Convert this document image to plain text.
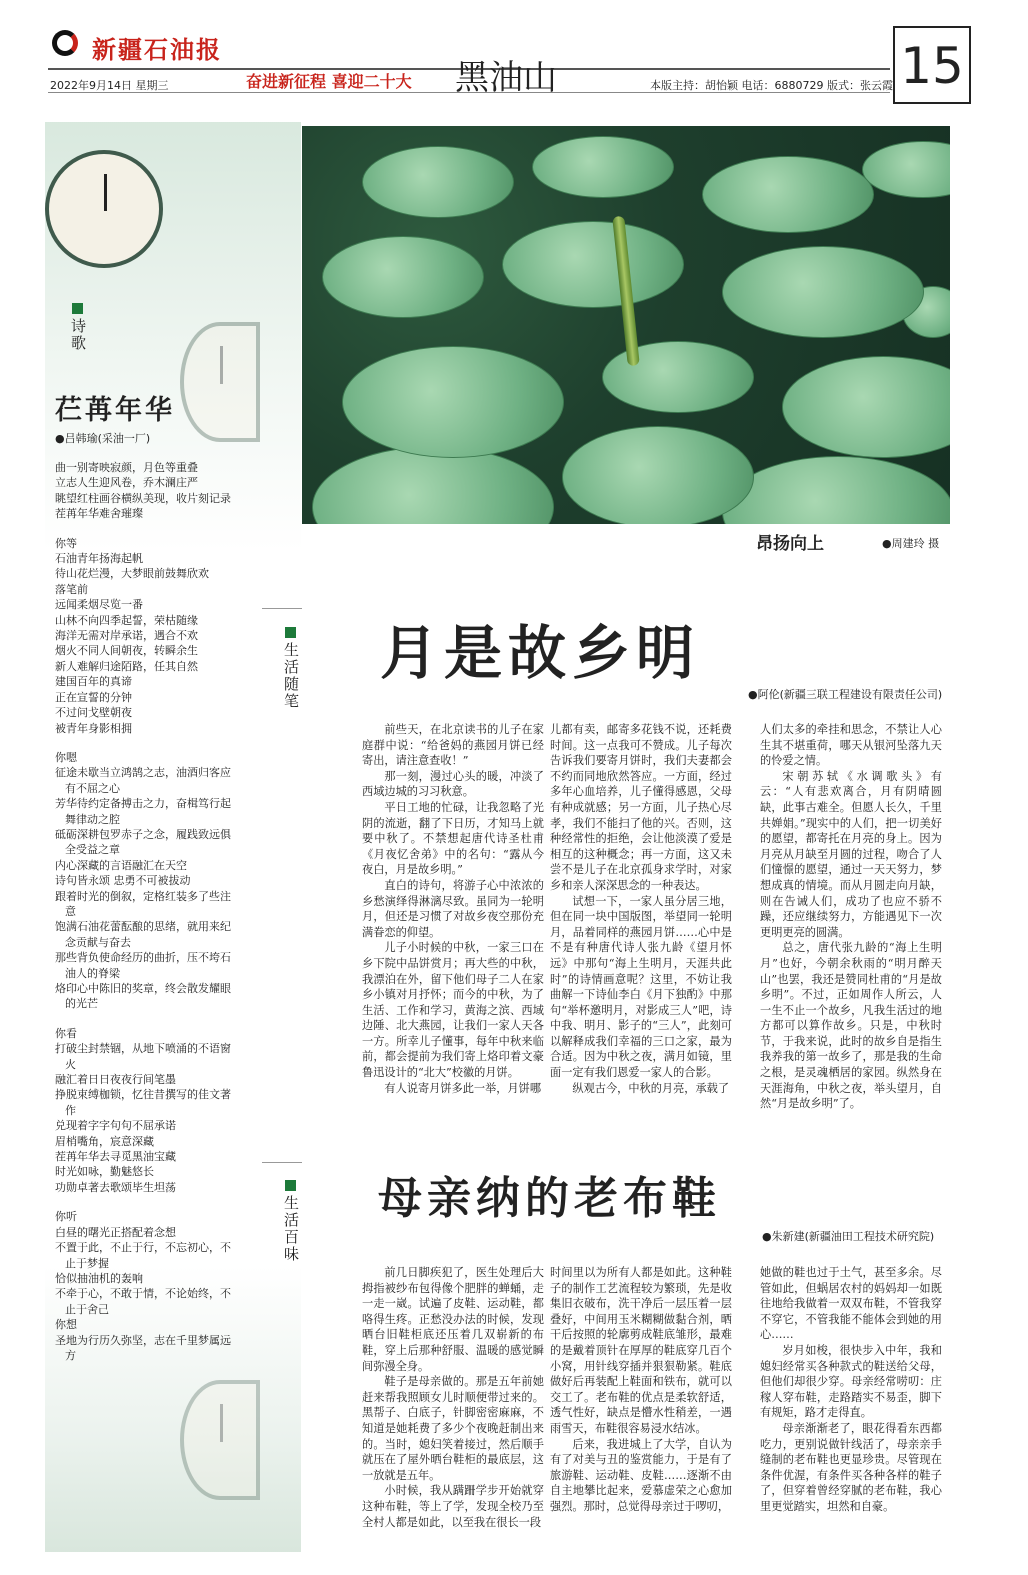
新疆石油报
2022年9月14日 星期三	奋进新征程 喜迎二十大 黑油山	本版主持：胡怡颖 电话：6880729 版式：张云霞 15
诗歌
芢苒年华
●吕韩瑜(采油一厂)
曲一别寄映寂颜，月色等重叠
立志人生迎风卷，乔木澜庄严
眺望红柱画谷横纵美现，收片刻记录
茬苒年华难舍璀璨
你等
石油青年扬海起帆
待山花烂漫，大梦眼前鼓舞欣欢
落笔前
远闻柔烟尽览一番
山林不向四季起誓，荣枯随缘
海洋无需对岸承诺，遇合不欢
烟火不同人间朝夜，转瞬余生
新人难解归途陌路，任其自然
建国百年的真谛
正在宣誓的分钟
不过问戈壁朝夜
被青年身影相拥
你嗯
征途未歇当立鸿鹄之志，油酒归客应有不屈之心
芳华待约定备搏击之力，奋楫笃行起舞律动之腔
砥砺深耕包罗赤子之念，履践致远俱全受益之章
内心深藏的言语融汇在天空
诗句皆永颂 忠勇不可被拔动
跟着时光的倒叙，定格红装多了些注意
饱满石油花蕾酝酿的思绪，就用来纪念贡献与奋去
那些背负使命经历的曲折，压不垮石油人的脊梁
烙印心中陈旧的奖章，终会散发耀眼的光芒
你看
打破尘封禁锢，从地下喷涌的不语窗火
融汇着日日夜夜行间笔墨
挣脱束缚枷锁，忆往昔撰写的佳文著作
兑现着字字句句不屈承诺
眉梢嘴角，宸意深藏
茬苒年华去寻觅黑油宝藏
时光如咏，勤魅悠长
功勋卓著去歌颂毕生坦荡
你听
白昼的曙光正搭配着念想
不置于此，不止于行，不忘初心，不止于梦握
恰似抽油机的轰响
不牵于心，不敢于情，不论始终，不止于舍己
你想
圣地为行历久弥坚，志在千里梦属远方
昂扬向上	●周建玲 摄
生活随笔 月是故乡明
●阿伦(新疆三联工程建设有限责任公司)

前些天，在北京读书的儿子在家庭群中说：“给爸妈的燕园月饼已经寄出，请注意查收！”

那一刻，漫过心头的暖，冲淡了西域边城的习习秋意。

平日工地的忙碌，让我忽略了光阴的流逝，翻了下日历，才知马上就要中秋了。不禁想起唐代诗圣杜甫《月夜忆舍弟》中的名句：“露从今夜白，月是故乡明。”

直白的诗句，将游子心中浓浓的乡愁演绎得淋漓尽致。虽同为一轮明月，但还是习惯了对故乡夜空那份充满眷恋的仰望。

儿子小时候的中秋，一家三口在乡下院中品饼赏月；再大些的中秋，我漂泊在外，留下他们母子二人在家乡小镇对月抒怀；而今的中秋，为了生活、工作和学习，黄海之滨、西域边陲、北大燕园，让我们一家人天各一方。所幸儿子懂事，每年中秋来临前，都会提前为我们寄上烙印着文豪鲁迅设计的“北大”校徽的月饼。

有人说寄月饼多此一举，月饼哪

儿都有卖，邮寄多花钱不说，还耗费时间。这一点我可不赞成。儿子每次告诉我们要寄月饼时，我们夫妻都会不约而同地欣然答应。一方面，经过多年心血培养，儿子懂得感恩，父母有种成就感；另一方面，儿子热心尽孝，我们不能扫了他的兴。否则，这种经常性的拒绝，会让他淡漠了爱是相互的这种概念；再一方面，这又未尝不是儿子在北京孤身求学时，对家乡和亲人深深思念的一种表达。

试想一下，一家人虽分居三地，但在同一块中国版图，举望同一轮明月，品着同样的燕园月饼……心中是不是有种唐代诗人张九龄《望月怀远》中那句“海上生明月，天涯共此时”的诗情画意呢？这里，不妨让我曲解一下诗仙李白《月下独酌》中那句“举杯邀明月，对影成三人”吧，诗中我、明月、影子的“三人”，此刻可以解释成我们幸福的三口之家，最为合适。因为中秋之夜，满月如镜，里面一定有我们恩爱一家人的合影。

纵观古今，中秋的月亮，承载了

人们太多的牵挂和思念，不禁让人心生其不堪重荷，哪天从银河坠落九天的怜爱之情。

宋朝苏轼《水调歌头》有云：“人有悲欢离合，月有阴晴圆缺，此事古难全。但愿人长久，千里共婵娟。”现实中的人们，把一切美好的愿望，都寄托在月亮的身上。因为月亮从月缺至月圆的过程，吻合了人们憧憬的愿望，通过一天天努力，梦想成真的情境。而从月圆走向月缺，则在告诫人们，成功了也应不骄不躁，还应继续努力，方能遇见下一次更明更亮的圆满。

总之，唐代张九龄的“海上生明月”也好，今朝余秋雨的“明月醉天山”也罢，我还是赞同杜甫的“月是故乡明”。不过，正如周作人所云，人一生不止一个故乡，凡我生活过的地方都可以算作故乡。只是，中秋时节，于我来说，此时的故乡自是指生我养我的第一故乡了，那是我的生命之根，是灵魂栖居的家园。纵然身在天涯海角，中秋之夜，举头望月，自然“月是故乡明”了。

生活百味 母亲纳的老布鞋
●朱新建(新疆油田工程技术研究院)

前几日脚疾犯了，医生处理后大拇指被纱布包得像个肥胖的蝉蛹，走一走一崴。试遍了皮鞋、运动鞋，都咯得生疼。正愁没办法的时候，发现晒台旧鞋柜底还压着几双崭新的布鞋，穿上后那种舒服、温暖的感觉瞬间弥漫全身。

鞋子是母亲做的。那是五年前她赶来帮我照顾女儿时顺便带过来的。黑帮子、白底子，针脚密密麻麻，不知道是她耗费了多少个夜晚赶制出来的。当时，媳妇笑着接过，然后顺手就压在了屋外晒台鞋柜的最底层，这一放就是五年。

小时候，我从蹒跚学步开始就穿这种布鞋，等上了学，发现全校乃至全村人都是如此，以至我在很长一段

时间里以为所有人都是如此。这种鞋子的制作工艺流程较为繁琐，先是收集旧衣破布，洗干净后一层压着一层叠好，中间用玉米糊糊做黏合剂，晒干后按照的轮廓剪成鞋底雏形，最难的是戴着顶针在厚厚的鞋底穿几百个小窝，用针线穿插并狠狠勒紧。鞋底做好后再装配上鞋面和铁布，就可以交工了。老布鞋的优点是柔软舒适，透气性好，缺点是懵水性稍差，一遇雨雪天，布鞋很容易浸水结冰。

后来，我进城上了大学，自认为有了对美与丑的鉴赏能力，于是有了旅游鞋、运动鞋、皮鞋……逐渐不由自主地攀比起来，爱慕虚荣之心愈加强烈。那时，总觉得母亲过于啰叨，

她做的鞋也过于土气，甚至多余。尽管如此，但蜗居农村的妈妈却一如既往地给我做着一双双布鞋，不管我穿不穿它，不管我能不能体会到她的用心……

岁月如梭，很快步入中年，我和媳妇经常买各种款式的鞋送给父母，但他们却很少穿。母亲经常唠叨：庄稼人穿布鞋，走路踏实不易歪，脚下有规矩，路才走得直。

母亲渐渐老了，眼花得看东西都吃力，更别说做针线活了，母亲亲手缝制的老布鞋也更显珍贵。尽管现在条件优渥，有条件买各种各样的鞋子了，但穿着曾经穿腻的老布鞋，我心里更觉踏实，坦然和自豪。
